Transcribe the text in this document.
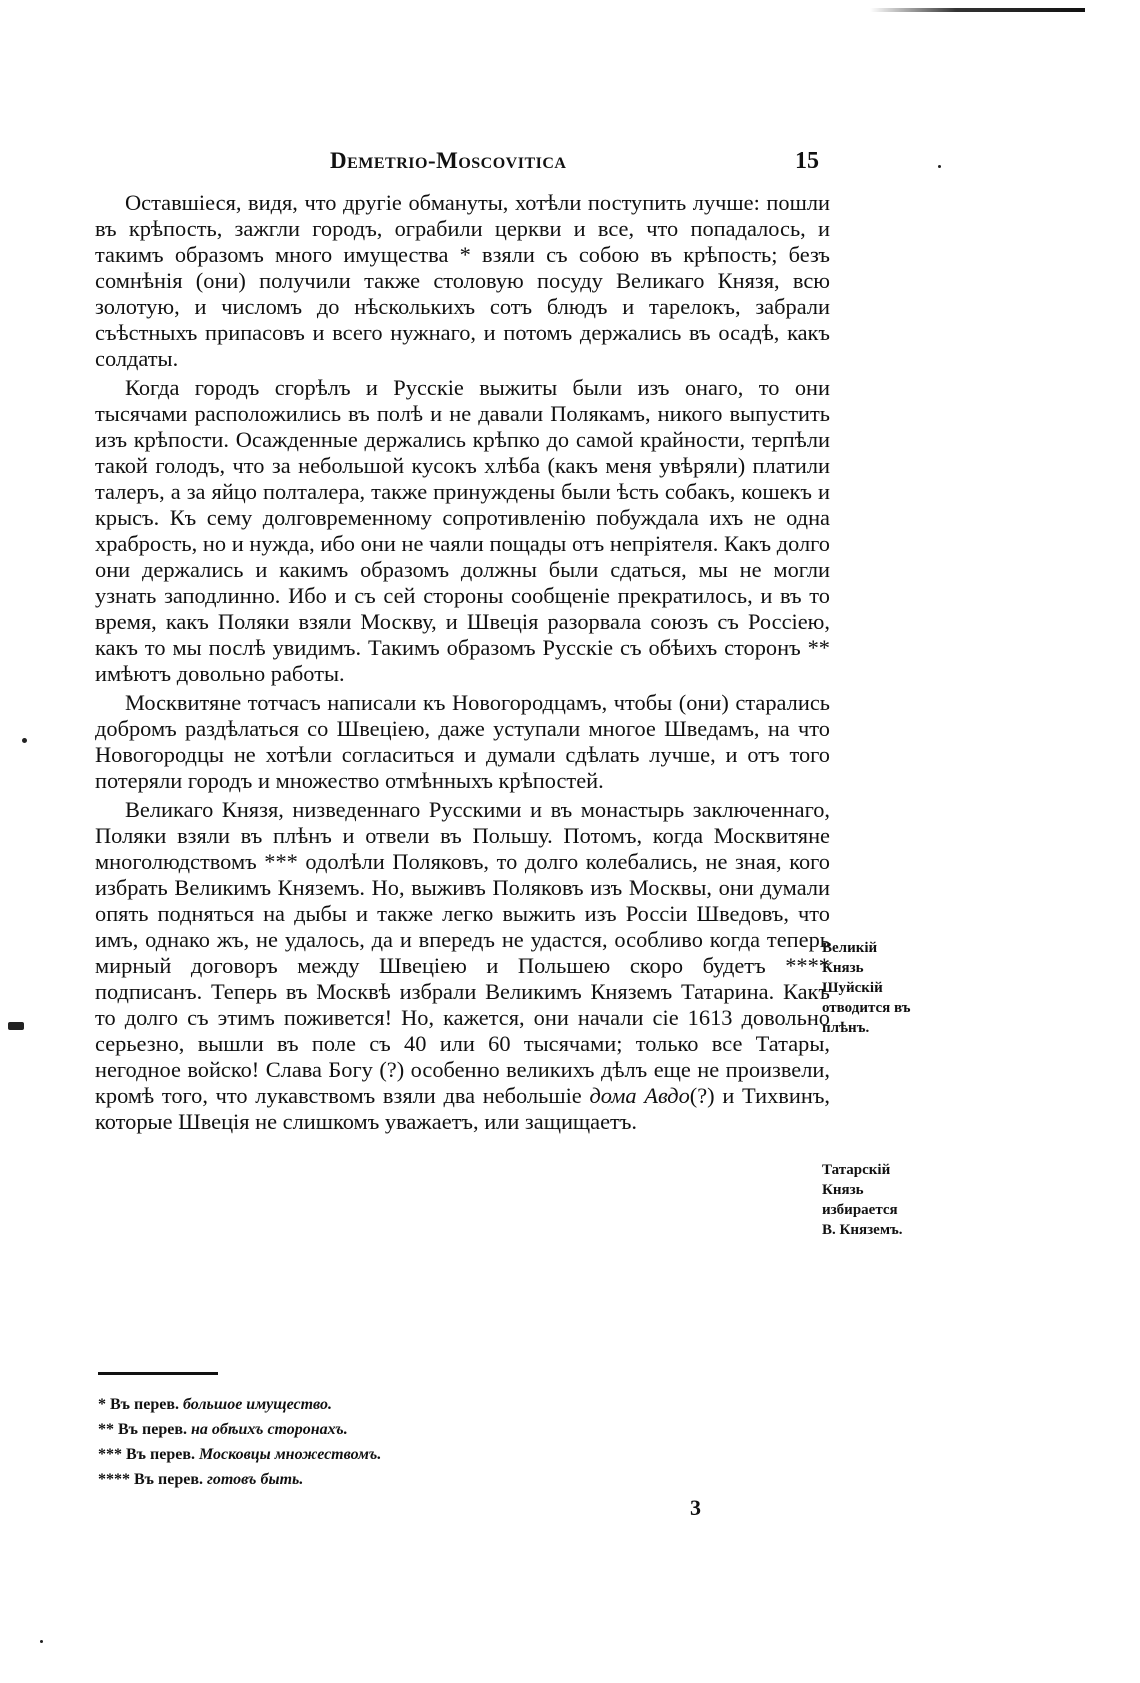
Demetrio-Moscovitica	15

Оставшіеся, видя, что другіе обмануты, хотѣли поступить лучше: пошли въ крѣпость, зажгли городъ, ограбили церкви и все, что попадалось, и такимъ образомъ много имущества * взяли съ собою въ крѣпость; безъ сомнѣнія (они) получили также столовую посуду Великаго Князя, всю золотую, и числомъ до нѣсколькихъ сотъ блюдъ и тарелокъ, забрали съѣстныхъ припасовъ и всего нужнаго, и потомъ держались въ осадѣ, какъ солдаты.

Когда городъ сгорѣлъ и Русскіе выжиты были изъ онаго, то они тысячами расположились въ полѣ и не давали Полякамъ, никого выпустить изъ крѣпости. Осажденные держались крѣпко до самой крайности, терпѣли такой голодъ, что за небольшой кусокъ хлѣба (какъ меня увѣряли) платили талеръ, а за яйцо полталера, также принуждены были ѣсть собакъ, кошекъ и крысъ. Къ сему долговременному сопротивленію побуждала ихъ не одна храбрость, но и нужда, ибо они не чаяли пощады отъ непріятеля. Какъ долго они держались и какимъ образомъ должны были сдаться, мы не могли узнать заподлинно. Ибо и съ сей стороны сообщеніе прекратилось, и въ то время, какъ Поляки взяли Москву, и Швеція разорвала союзъ съ Россіею, какъ то мы послѣ увидимъ. Такимъ образомъ Русскіе съ обѣихъ сторонъ ** имѣютъ довольно работы.

Москвитяне тотчасъ написали къ Новогородцамъ, чтобы (они) старались добромъ раздѣлаться со Швеціею, даже уступали многое Шведамъ, на что Новогородцы не хотѣли согласиться и думали сдѣлать лучше, и отъ того потеряли городъ и множество отмѣнныхъ крѣпостей.

Великаго Князя, низведеннаго Русскими и въ монастырь заключеннаго, Поляки взяли въ плѣнъ и отвели въ Польшу. Потомъ, когда Москвитяне многолюдствомъ *** одолѣли Поляковъ, то долго колебались, не зная, кого избрать Великимъ Княземъ. Но, выживъ Поляковъ изъ Москвы, они думали опять подняться на дыбы и также легко выжить изъ Россіи Шведовъ, что имъ, однако жъ, не удалось, да и впередъ не удастся, особливо когда теперь мирный договоръ между Швеціею и Польшею скоро будетъ **** подписанъ. Теперь въ Москвѣ избрали Великимъ Княземъ Татарина. Какъ то долго съ этимъ поживется! Но, кажется, они начали сіе 1613 довольно серьезно, вышли въ поле съ 40 или 60 тысячами; только все Татары, негодное войско! Слава Богу (?) особенно великихъ дѣлъ еще не произвели, кромѣ того, что лукавствомъ взяли два небольшіе дома Авдо(?) и Тихвинъ, которые Швеція не слишкомъ уважаетъ, или защищаетъ.

Великій Князь Шуйскій отводится въ плѣнъ.
Татарскій Князь избирается В. Княземъ.

* Въ перев. большое имущество.

** Въ перев. на обѣихъ сторонахъ.

*** Въ перев. Московцы множествомъ.

**** Въ перев. готовъ быть.

3
